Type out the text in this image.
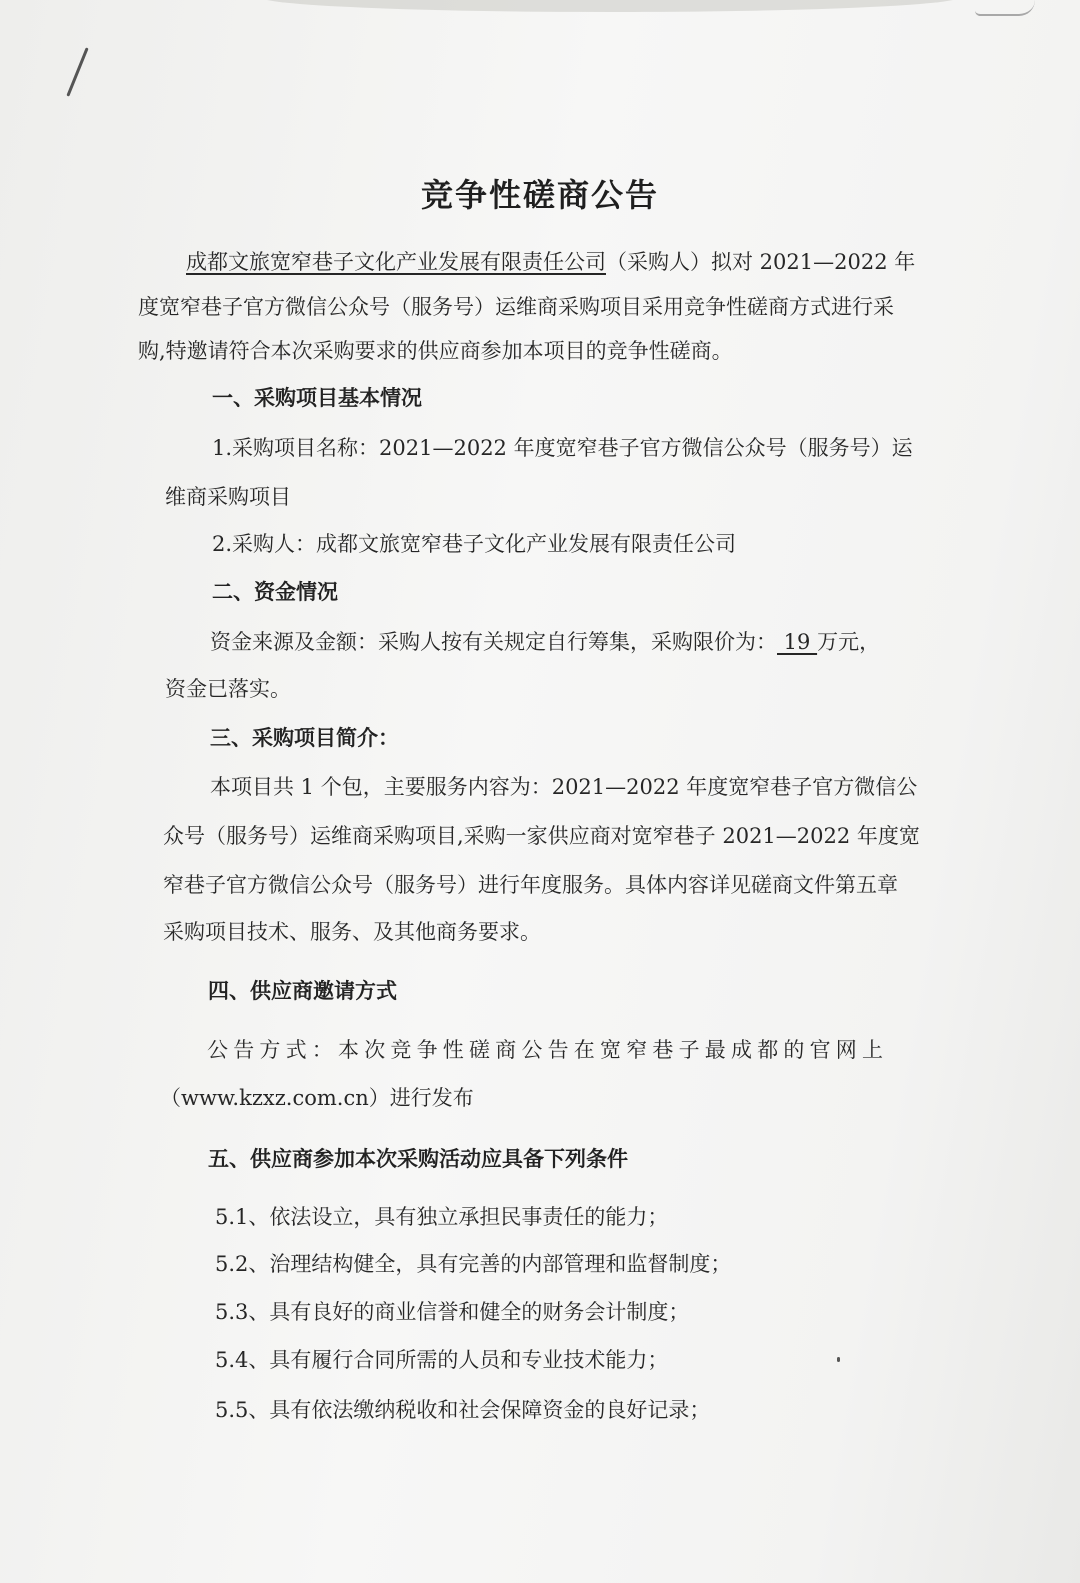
竞争性磋商公告
成都文旅宽窄巷子文化产业发展有限责任公司（采购人）拟对 2021—2022 年
度宽窄巷子官方微信公众号（服务号）运维商采购项目采用竞争性磋商方式进行采
购,特邀请符合本次采购要求的供应商参加本项目的竞争性磋商。
一、采购项目基本情况
1.采购项目名称：2021—2022 年度宽窄巷子官方微信公众号（服务号）运
维商采购项目
2.采购人：成都文旅宽窄巷子文化产业发展有限责任公司
二、资金情况
资金来源及金额：采购人按有关规定自行筹集，采购限价为： 19 万元，
资金已落实。
三、采购项目简介：
本项目共 1 个包，主要服务内容为：2021—2022 年度宽窄巷子官方微信公
众号（服务号）运维商采购项目,采购一家供应商对宽窄巷子 2021—2022 年度宽
窄巷子官方微信公众号（服务号）进行年度服务。具体内容详见磋商文件第五章
采购项目技术、服务、及其他商务要求。
四、供应商邀请方式
公告方式：本次竞争性磋商公告在宽窄巷子最成都的官网上
（www.kzxz.com.cn）进行发布
五、供应商参加本次采购活动应具备下列条件
5.1、依法设立，具有独立承担民事责任的能力；
5.2、治理结构健全，具有完善的内部管理和监督制度；
5.3、具有良好的商业信誉和健全的财务会计制度；
5.4、具有履行合同所需的人员和专业技术能力；
5.5、具有依法缴纳税收和社会保障资金的良好记录；
